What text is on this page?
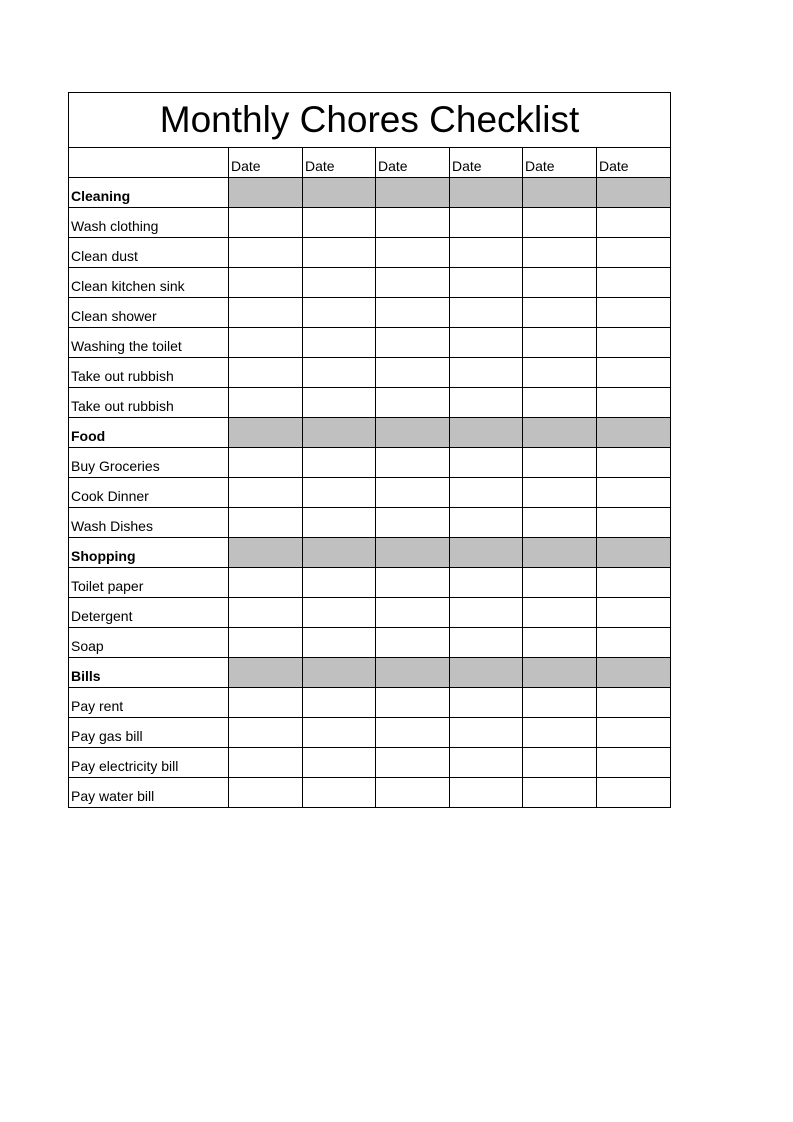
Monthly Chores Checklist						
	Date	Date	Date	Date	Date	Date
Cleaning						
Wash clothing						
Clean dust						
Clean kitchen sink						
Clean shower						
Washing the toilet						
Take out rubbish						
Take out rubbish						
Food						
Buy Groceries						
Cook Dinner						
Wash Dishes						
Shopping						
Toilet paper						
Detergent						
Soap						
Bills						
Pay rent						
Pay gas bill						
Pay electricity bill						
Pay water bill						
